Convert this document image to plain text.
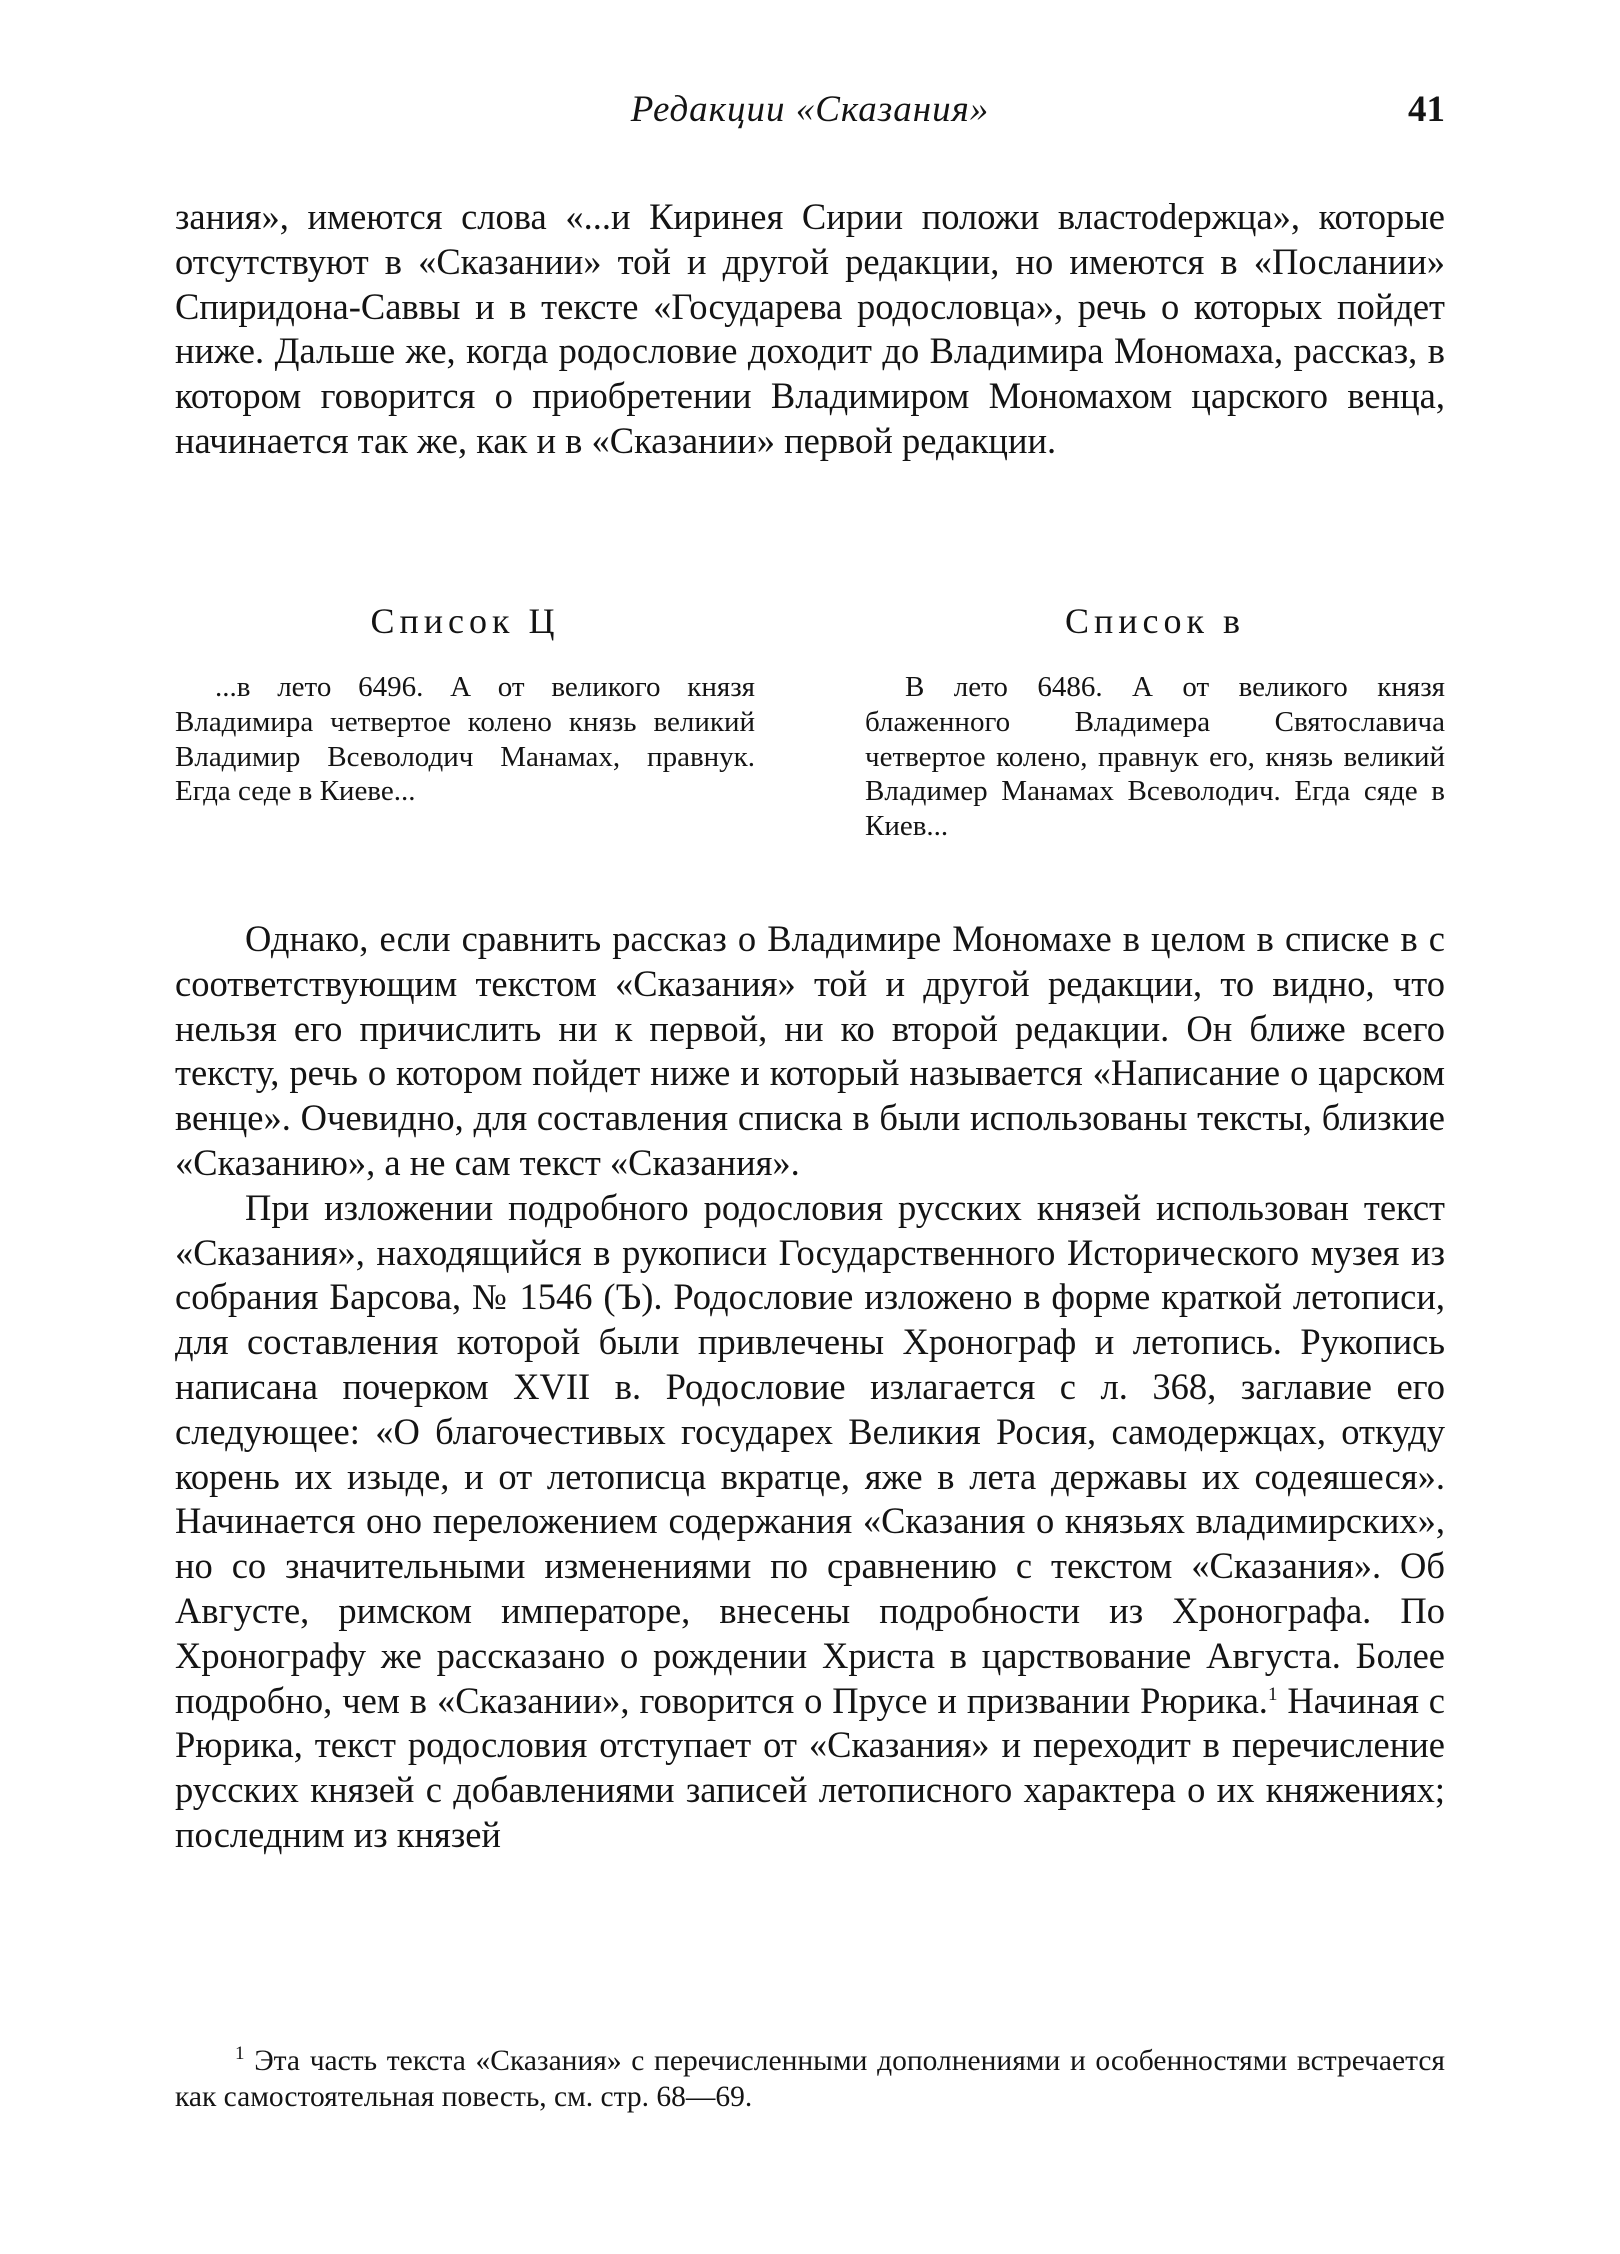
Редакции «Сказания»	41

зания», имеются слова «...и Киринея Сирии положи властоdержца», которые отсутствуют в «Сказании» той и другой редакции, но имеются в «Послании» Спиридона-Саввы и в тексте «Государева родословца», речь о которых пойдет ниже. Дальше же, когда родословие доходит до Владимира Мономаха, рассказ, в котором говорится о приобретении Владимиром Мономахом царского венца, начинается так же, как и в «Сказании» первой редакции.

Список Ц

...в лето 6496. А от великого князя Владимира четвертое колено князь великий Владимир Всеволодич Манамах, правнук. Егда седе в Киеве...

Список в

В лето 6486. А от великого князя блаженного Владимера Святославича четвертое колено, правнук его, князь великий Владимер Манамах Всеволодич. Егда сяде в Киев...

Однако, если сравнить рассказ о Владимире Мономахе в целом в списке в с соответствующим текстом «Сказания» той и другой редакции, то видно, что нельзя его причислить ни к первой, ни ко второй редакции. Он ближе всего тексту, речь о котором пойдет ниже и который называется «Написание о царском венце». Очевидно, для составления списка в были использованы тексты, близкие «Сказанию», а не сам текст «Сказания».

При изложении подробного родословия русских князей использован текст «Сказания», находящийся в рукописи Государственного Исторического музея из собрания Барсова, № 1546 (Ъ). Родословие изложено в форме краткой летописи, для составления которой были привлечены Хронограф и летопись. Рукопись написана почерком XVII в. Родословие излагается с л. 368, заглавие его следующее: «О благочестивых государех Великия Росия, самодержцах, откуду корень их изыде, и от летописца вкратце, яже в лета державы их содеяшеся». Начинается оно переложением содержания «Сказания о князьях владимирских», но со значительными изменениями по сравнению с текстом «Сказания». Об Августе, римском императоре, внесены подробности из Хронографа. По Хронографу же рассказано о рождении Христа в царствование Августа. Более подробно, чем в «Сказании», говорится о Прусе и призвании Рюрика.$^1$ Начиная с Рюрика, текст родословия отступает от «Сказания» и переходит в перечисление русских князей с добавлениями записей летописного характера о их княжениях; последним из князей

$^1$ Эта часть текста «Сказания» с перечисленными дополнениями и особенностями встречается как самостоятельная повесть, см. стр. 68—69.
